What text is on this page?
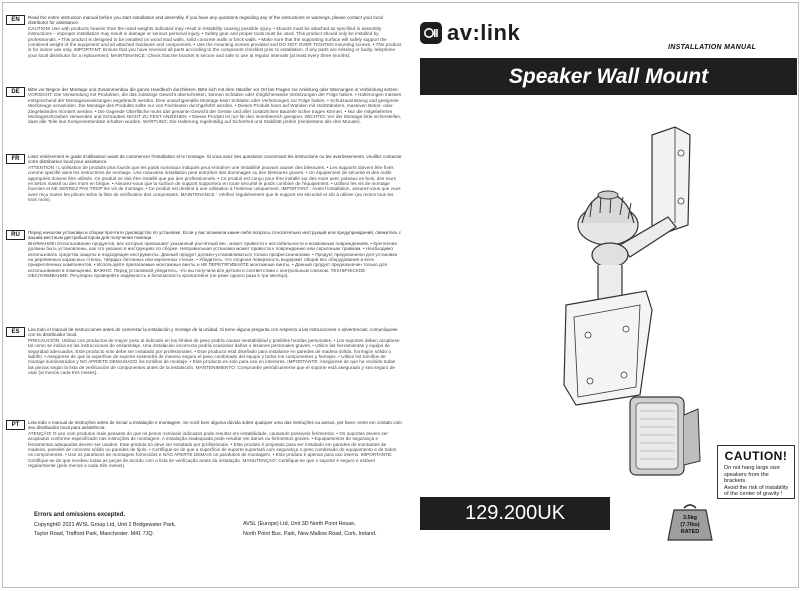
EN	Read the entire instruction manual before you start installation and assembly. If you have any questions regarding any of the instructions or warnings, please contact your local distributor for assistance.
CAUTION! Use with products heavier than the rated weights indicated may result in instability causing possible injury. • Mounts must be attached as specified in assembly instructions – improper installation may result in damage or serious personal injury. • Safety gear and proper tools must be used. This product should only be installed by professionals. • This product is designed to be installed on wood stud walls, solid concrete walls or brick walls. • Make sure that the supporting surface will safely support the combined weight of the equipment and all attached hardware and components. • Use the mounting screws provided and DO NOT OVER TIGHTEN mounting screws. • This product is for indoor use only. IMPORTANT: Ensure that you have received all parts according to the component checklist prior to installation. If any parts are missing or faulty, telephone your local distributor for a replacement. MAINTENANCE: Check that the bracket is secure and safe to use at regular intervals (at least every three months).
DE	Bitte vor Beginn der Montage und Zusammenbau die ganze Handbuch durchlesen. Bitte sich mit dem Händler vor Ort bei Fragen zur Anleitung oder Warnungen in Verbindung setzen.
VORSICHT: Die Verwendung mit Produkten, die das zulässige Gewicht überschreiten, können Schäden oder möglicherweise Verletzungen der Folge haben. • Halterungen müssen entsprechend der Montageanweisungen angebracht werden. Eine unsachgemäße Montage kann Schäden oder Verletzungen zur Folge haben. • Schutzausrüstung und geeignete Werkzeuge verwenden. Die Montage des Produkts sollte nur von Fachleuten durchgeführt werden. • Dieses Produkt kann auf Wänden mit Holzständern, massiven Beton- oder Ziegelwänden montiert werden. • Die tragende Oberfläche muss das gesamte Gewicht der Geräte und aller zusätzlichen Bauteile sicher tragen können. • Nur die mitgelieferten Montageschrauben verwenden und Schrauben NICHT ZU FEST ANZIEHEN. • Dieses Produkt ist nur für den Innenbereich geeignet. WICHTIG: Vor der Montage bitte sicherstellen, dass alle Teile laut Komponentenliste erhalten wurden. WARTUNG: Die Halterung regelmäßig auf Sicherheit und Stabilität prüfen (mindestens alle drei Monate).
FR	Lisez entièrement le guide d'utilisateur avant de commencer l'installation et le montage. Si vous avez des questions concernant les instructions ou les avertissements, veuillez contacter votre distributeur local pour assistance.
ATTENTION ! L'utilisation de produits plus lourds que les poids nominaux indiqués peut entraîner une instabilité pouvant causer des blessures. • Les supports doivent être fixés comme spécifié dans les instructions de montage. Une mauvaise installation peut entraîner des dommages ou des blessures graves. • Un équipement de sécurité et des outils appropriés doivent être utilisés. Ce produit ne doit être installé que par des professionnels. • Ce produit est conçu pour être installé sur des murs avec poteaux en bois, des murs en béton massif ou des murs en brique. • Assurez-vous que la surface de support supportera en toute sécurité le poids combiné de l'équipement. • Utilisez les vis de montage fournies et NE SERREZ PAS TROP les vis de montage. • Ce produit est destiné à une utilisation à l'intérieur uniquement. IMPORTANT : Avant l'installation, assurez-vous que vous avez reçu toutes les pièces selon la liste de vérification des composants. MAINTENANCE : Vérifiez régulièrement que le support est sécurisé et sûr à utiliser (au moins tous les trois mois).
RU	Перед началом установки и сборки прочтите руководство по установке. Если у вас возникли какие-либо вопросы относительно инструкций или предупреждений, свяжитесь с вашим местным дистрибьютором для получения помощи.
ВНИМАНИЕ! Использование продуктов, вес которых превышает указанный расчётный вес, может привести к нестабильности и возможным повреждениям. • Крепления должны быть установлены, как это указано в инструкциях по сборке. Неправильная установка может привести к повреждению или серьёзным травмам. • Необходимо использовать средства защиты и подходящие инструменты. Данный продукт должен устанавливаться только профессионалами. • Продукт предназначен для установки на деревянных каркасных стенах, твёрдых бетонных или кирпичных стенах. • Убедитесь, что опорная поверхность выдержит общий вес оборудования и всех прикрепленных компонентов. • Используйте прилагаемые монтажные винты и НЕ ПЕРЕТЯГИВАЙТЕ монтажные винты. • Данный продукт предназначен только для использования в помещении. ВАЖНО: Перед установкой убедитесь, что вы получили все детали в соответствии с контрольным списком. ТЕХНИЧЕСКОЕ ОБСЛУЖИВАНИЕ: Регулярно проверяйте надёжность и безопасность кронштейна (не реже одного раза в три месяца).
ES	Lea todo el manual de instrucciones antes de comenzar la instalación y montaje de la unidad. Si tiene alguna pregunta con respecto a las instrucciones o advertencias, comuníquese con su distribuidor local.
PRECAUCIÓN: Utilizar con productos de mayor peso al indicado en los límites de peso podría causar inestabilidad y posibles heridas personales. • Los soportes deben acoplarse tal como se indica en las instrucciones de ensamblaje. Una instalación incorrecta podría ocasionar daños o lesiones personales graves. • Utilice las herramientas y equipo de seguridad adecuados. Este producto solo debe ser instalado por profesionales. • Este producto está diseñado para instalarse en paredes de madera sólida, hormigón sólido o ladrillo. • Asegúrese de que la superficie de soporte sostendrá de manera segura el peso combinado del equipo y todos los componentes y herrajes. • Utilice los tornillos de montaje suministrados y NO APRIETE DEMASIADO los tornillos de montaje. • Este producto es solo para uso en interiores. IMPORTANTE: Asegúrese de que ha recibido todas las piezas según la lista de verificación de componentes antes de la instalación. MANTENIMIENTO: Compruebe periódicamente que el soporte está asegurado y sea seguro de usar (al menos cada tres meses).
PT	Leia todo o manual de instruções antes de iniciar a instalação e montagem. Se você tiver alguma dúvida sobre qualquer uma das instruções ou avisos, por favor, entre em contato com seu distribuidor local para assistência.
ATENÇÃO! O uso com produtos mais pesados do que os pesos nominais indicados pode resultar em instabilidade, causando possíveis ferimentos. • Os suportes devem ser acoplados conforme especificado nas instruções de montagem. A instalação inadequada pode resultar em danos ou ferimentos graves. • Equipamentos de segurança e ferramentas adequadas devem ser usados. Este produto só deve ser instalado por profissionais. • Este produto é projetado para ser instalado em paredes de montantes de madeira, paredes de concreto sólido ou paredes de tijolo. • Certifique-se de que a superfície de suporte suportará com segurança o peso combinado do equipamento e de todos os componentes. • Use os parafusos de montagem fornecidos e NÃO APERTE DEMAIS os parafusos de montagem. • Este produto é apenas para uso interno. IMPORTANTE: Certifique-se de que recebeu todas as peças de acordo com a lista de verificação antes da instalação. MANUTENÇÃO: Certifique-se que o suporte é seguro e estável regularmente (pelo menos a cada três meses).
Errors and omissions excepted.
Copyright© 2021 AVSL Group Ltd, Unit 2 Bridgewater Park,
Taylor Road, Trafford Park, Manchester. M41 7JQ.
AVSL (Europe) Ltd, Unit 3D North Point House,
North Point Bus. Park, New Mallow Road, Cork, Ireland.
av:link
INSTALLATION MANUAL
Speaker Wall Mount
CAUTION!
Do not hang large size
speakers from the brackets.
Avoid the risk of instability
of the center of gravity !
129.200UK	3.5kg
(7.7lbs)
RATED
